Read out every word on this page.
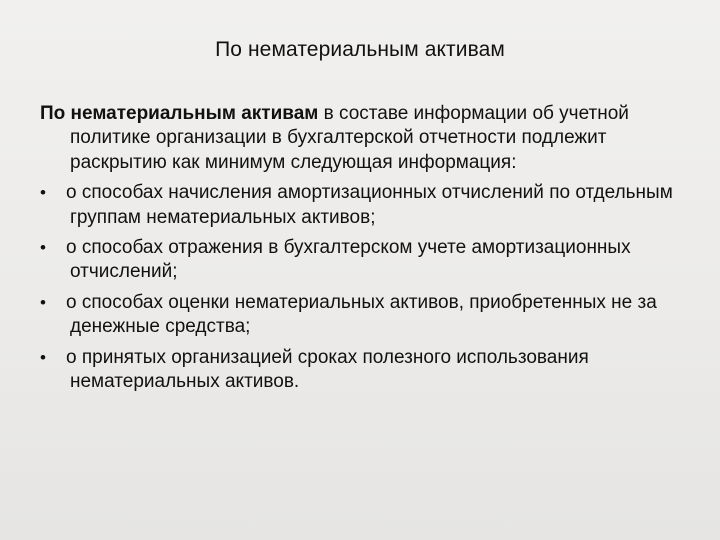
По нематериальным активам

По нематериальным активам в составе информации об учетной политике организации в бухгалтерской отчетности подлежит раскрытию как минимум следующая информация:

• о способах начисления амортизационных отчислений по отдельным группам нематериальных активов;

• о способах отражения в бухгалтерском учете амортизационных отчислений;

• о способах оценки нематериальных активов, приобретенных не за денежные средства;

• о принятых организацией сроках полезного использования нематериальных активов.
